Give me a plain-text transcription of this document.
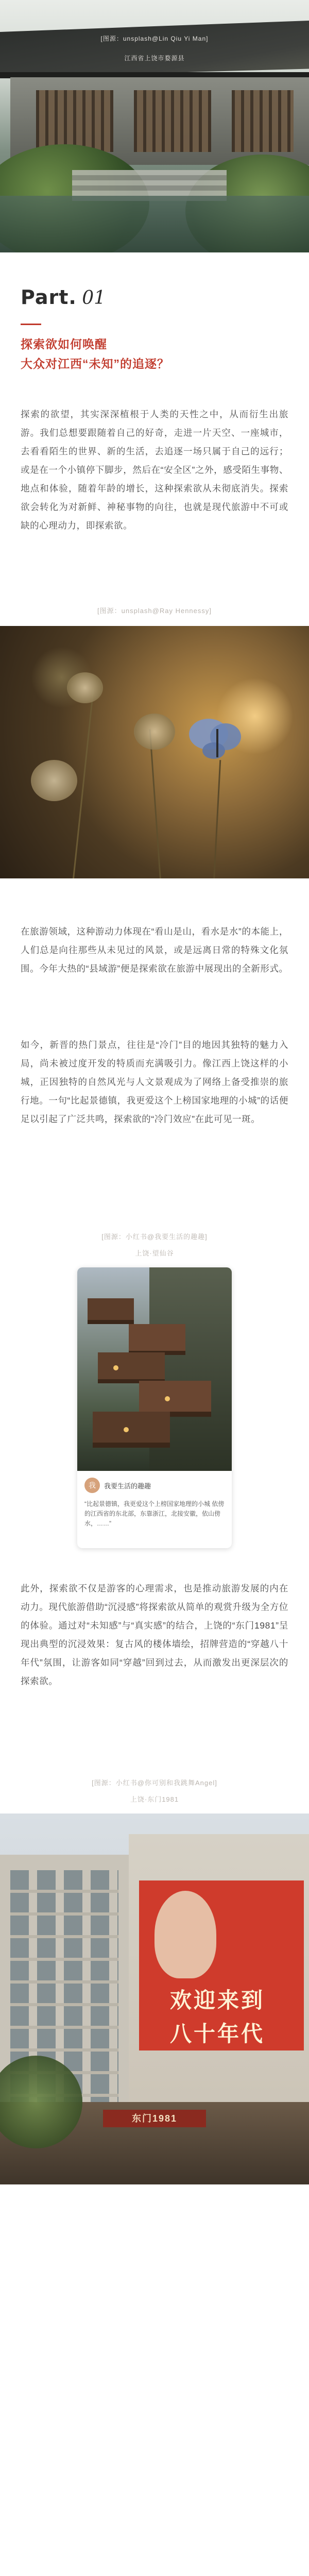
[图源：unsplash@Lin Qiu Yi Man]
江西省上饶市婺源县
Part. 01
探索欲如何唤醒
大众对江西“未知”的追逐？
探索的欲望，其实深深植根于人类的天性之中，从而衍生出旅游。我们总想要跟随着自己的好奇，走进一片天空、一座城市，去看看陌生的世界、新的生活，去追逐一场只属于自己的远行；或是在一个小镇停下脚步，然后在“安全区”之外，感受陌生事物、地点和体验，随着年龄的增长，这种探索欲从未彻底消失。探索欲会转化为对新鲜、神秘事物的向往，也就是现代旅游中不可或缺的心理动力，即探索欲。
[图源：unsplash@Ray Hennessy]
在旅游领域，这种游动力体现在“看山是山，看水是水”的本能上，人们总是向往那些从未见过的风景，或是远离日常的特殊文化氛围。今年大热的“县域游”便是探索欲在旅游中展现出的全新形式。
如今，新晋的热门景点，往往是“冷门”目的地因其独特的魅力入局，尚未被过度开发的特质而充满吸引力。像江西上饶这样的小城，正因独特的自然风光与人文景观成为了网络上备受推崇的旅行地。一句“比起景德镇，我更爱这个上榜国家地理的小城”的话便足以引起了广泛共鸣，探索欲的“冷门效应”在此可见一斑。
[图源：小红书@我要生活的趣趣]
上饶·望仙谷
我	我要生活的趣趣
“比起景德镇，我更爱这个上榜国家地理的小城 依傍的江西省的东北部，东靠浙江，北接安徽，依山傍水，……”
此外，探索欲不仅是游客的心理需求，也是推动旅游发展的内在动力。现代旅游借助“沉浸感”将探索欲从简单的观赏升级为全方位的体验。通过对“未知感”与“真实感”的结合，上饶的“东门1981”呈现出典型的沉浸效果：复古风的楼体墙绘，招牌营造的“穿越八十年代”氛围，让游客如同“穿越”回到过去，从而激发出更深层次的探索欲。
[图源：小红书@你可别和我跳舞Angel]
上饶·东门1981
欢迎来到
八十年代
东门1981
